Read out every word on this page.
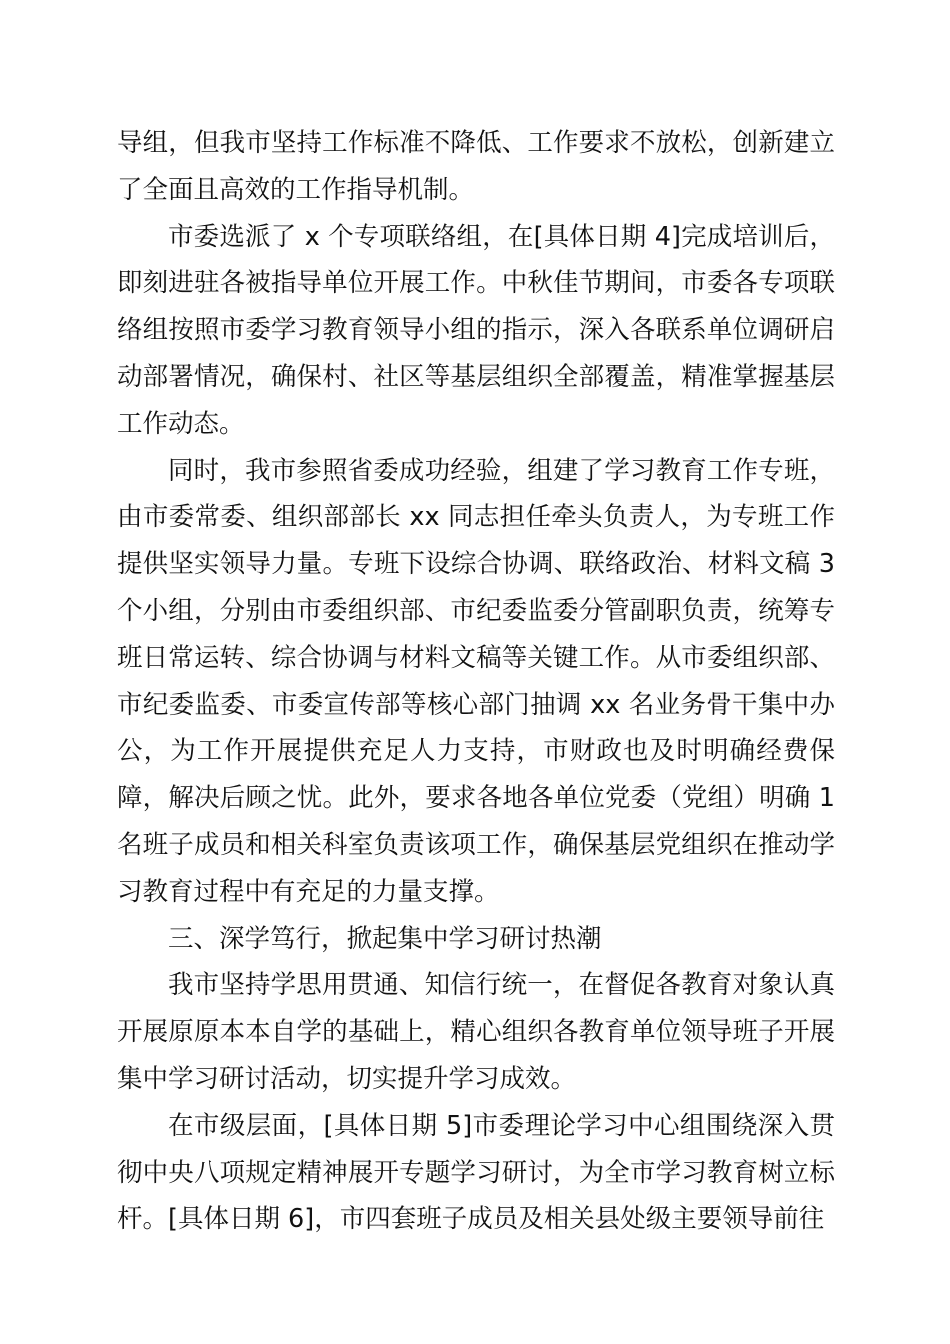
导组，但我市坚持工作标准不降低、工作要求不放松，创新建立了全面且高效的工作指导机制。

市委选派了 x 个专项联络组，在[具体日期 4]完成培训后，即刻进驻各被指导单位开展工作。中秋佳节期间，市委各专项联络组按照市委学习教育领导小组的指示，深入各联系单位调研启动部署情况，确保村、社区等基层组织全部覆盖，精准掌握基层工作动态。

同时，我市参照省委成功经验，组建了学习教育工作专班，由市委常委、组织部部长 xx 同志担任牵头负责人，为专班工作提供坚实领导力量。专班下设综合协调、联络政治、材料文稿 3 个小组，分别由市委组织部、市纪委监委分管副职负责，统筹专班日常运转、综合协调与材料文稿等关键工作。从市委组织部、市纪委监委、市委宣传部等核心部门抽调 xx 名业务骨干集中办公，为工作开展提供充足人力支持，市财政也及时明确经费保障，解决后顾之忧。此外，要求各地各单位党委（党组）明确 1 名班子成员和相关科室负责该项工作，确保基层党组织在推动学习教育过程中有充足的力量支撑。

三、深学笃行，掀起集中学习研讨热潮

我市坚持学思用贯通、知信行统一，在督促各教育对象认真开展原原本本自学的基础上，精心组织各教育单位领导班子开展集中学习研讨活动，切实提升学习成效。

在市级层面，[具体日期 5]市委理论学习中心组围绕深入贯彻中央八项规定精神展开专题学习研讨，为全市学习教育树立标杆。[具体日期 6]，市四套班子成员及相关县处级主要领导前往
